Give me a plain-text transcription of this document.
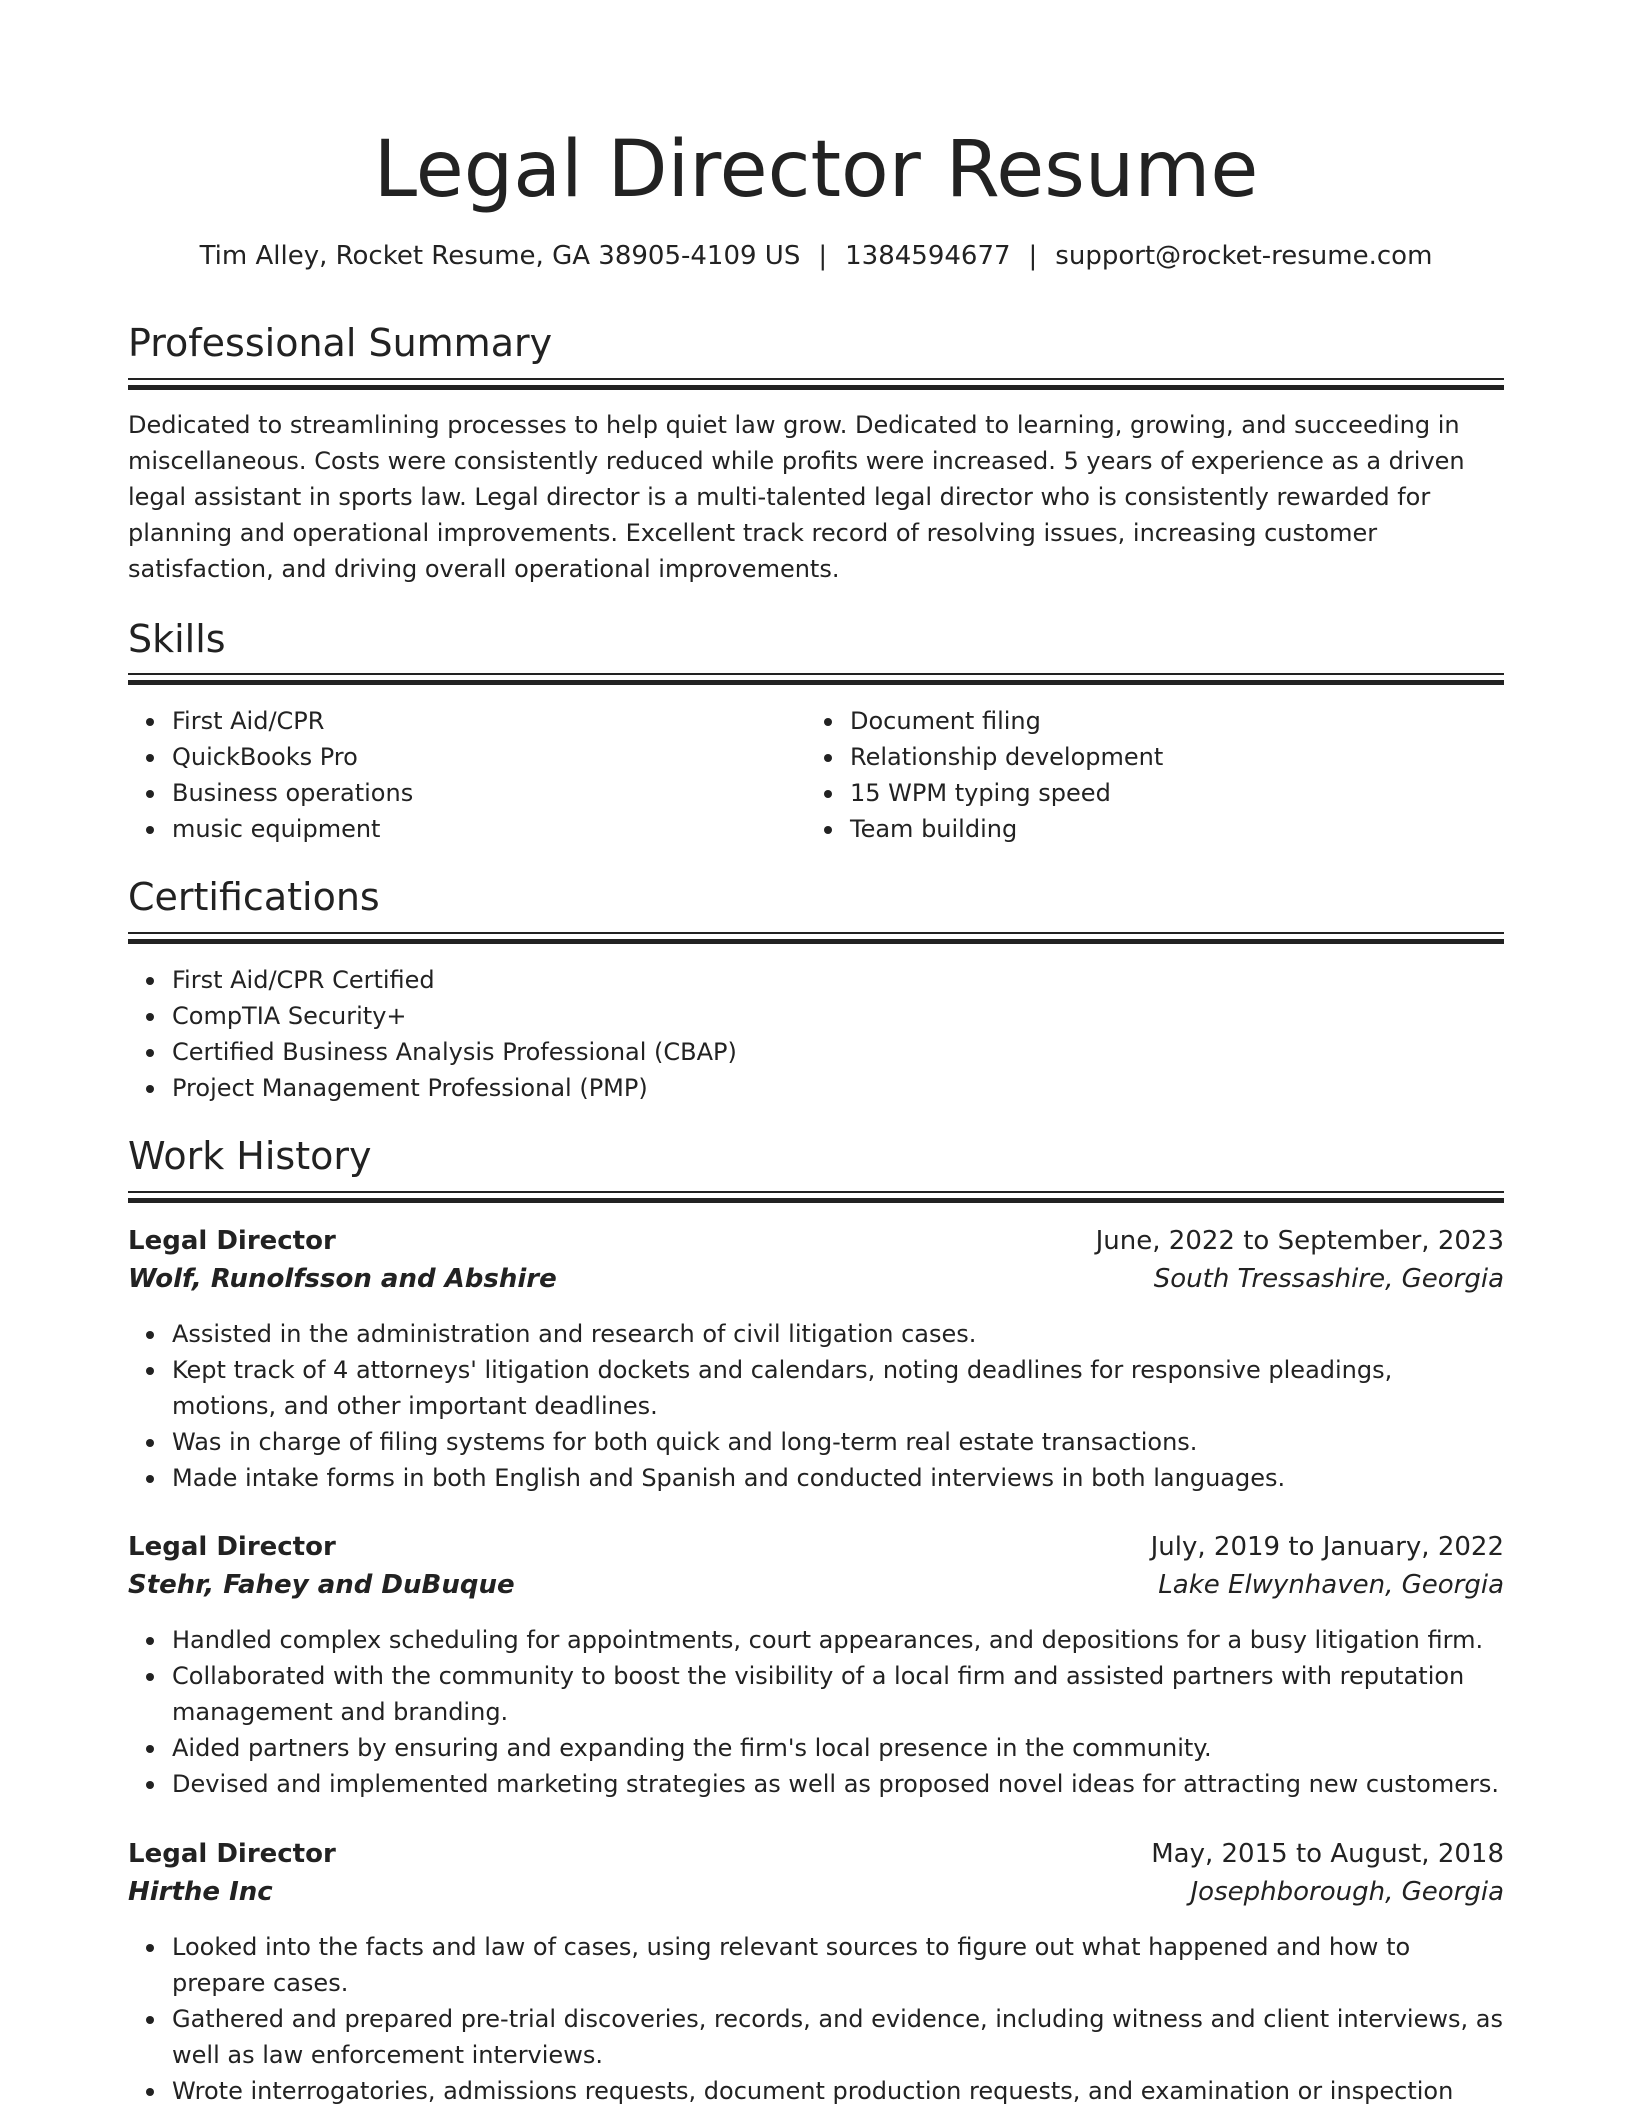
Legal Director Resume
Tim Alley, Rocket Resume, GA 38905-4109 US | 1384594677 | support@rocket-resume.com
Professional Summary

Dedicated to streamlining processes to help quiet law grow. Dedicated to learning, growing, and succeeding in miscellaneous. Costs were consistently reduced while profits were increased. 5 years of experience as a driven legal assistant in sports law. Legal director is a multi-talented legal director who is consistently rewarded for planning and operational improvements. Excellent track record of resolving issues, increasing customer satisfaction, and driving overall operational improvements.

Skills
First Aid/CPR
QuickBooks Pro
Business operations
music equipment
Document filing
Relationship development
15 WPM typing speed
Team building
Certifications
First Aid/CPR Certified
CompTIA Security+
Certified Business Analysis Professional (CBAP)
Project Management Professional (PMP)
Work History
Legal Director	June, 2022 to September, 2023
Wolf, Runolfsson and Abshire	South Tressashire, Georgia
Assisted in the administration and research of civil litigation cases.
Kept track of 4 attorneys' litigation dockets and calendars, noting deadlines for responsive pleadings, motions, and other important deadlines.
Was in charge of filing systems for both quick and long-term real estate transactions.
Made intake forms in both English and Spanish and conducted interviews in both languages.
Legal Director	July, 2019 to January, 2022
Stehr, Fahey and DuBuque	Lake Elwynhaven, Georgia
Handled complex scheduling for appointments, court appearances, and depositions for a busy litigation firm.
Collaborated with the community to boost the visibility of a local firm and assisted partners with reputation management and branding.
Aided partners by ensuring and expanding the firm's local presence in the community.
Devised and implemented marketing strategies as well as proposed novel ideas for attracting new customers.
Legal Director	May, 2015 to August, 2018
Hirthe Inc	Josephborough, Georgia
Looked into the facts and law of cases, using relevant sources to figure out what happened and how to prepare cases.
Gathered and prepared pre-trial discoveries, records, and evidence, including witness and client interviews, as well as law enforcement interviews.
Wrote interrogatories, admissions requests, document production requests, and examination or inspection
